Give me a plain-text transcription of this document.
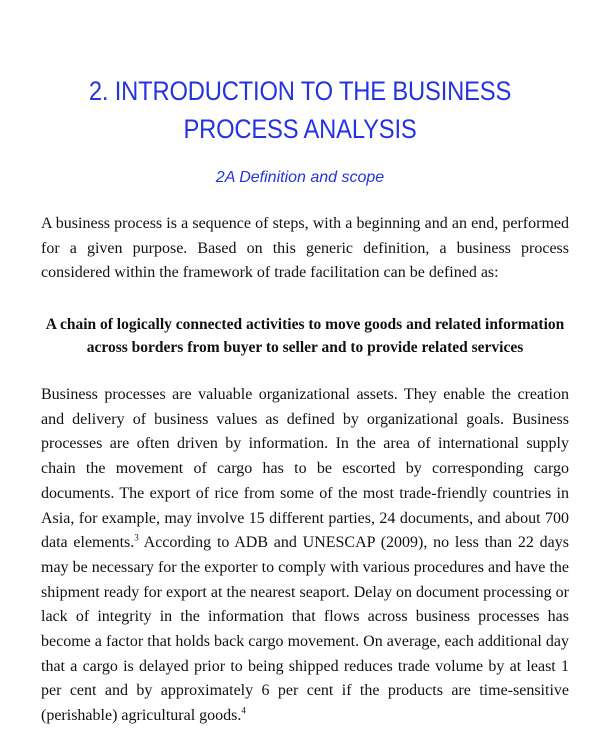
2. INTRODUCTION TO THE BUSINESS PROCESS ANALYSIS
2A Definition and scope
A business process is a sequence of steps, with a beginning and an end, performed for a given purpose. Based on this generic definition, a business process considered within the framework of trade facilitation can be defined as:
A chain of logically connected activities to move goods and related information across borders from buyer to seller and to provide related services
Business processes are valuable organizational assets. They enable the creation and delivery of business values as defined by organizational goals. Business processes are often driven by information. In the area of international supply chain the movement of cargo has to be escorted by corresponding cargo documents. The export of rice from some of the most trade-friendly countries in Asia, for example, may involve 15 different parties, 24 documents, and about 700 data elements.$^3$ According to ADB and UNESCAP (2009), no less than 22 days may be necessary for the exporter to comply with various procedures and have the shipment ready for export at the nearest seaport. Delay on document processing or lack of integrity in the information that flows across business processes has become a factor that holds back cargo movement. On average, each additional day that a cargo is delayed prior to being shipped reduces trade volume by at least 1 per cent and by approximately 6 per cent if the products are time-sensitive (perishable) agricultural goods.$^4$
